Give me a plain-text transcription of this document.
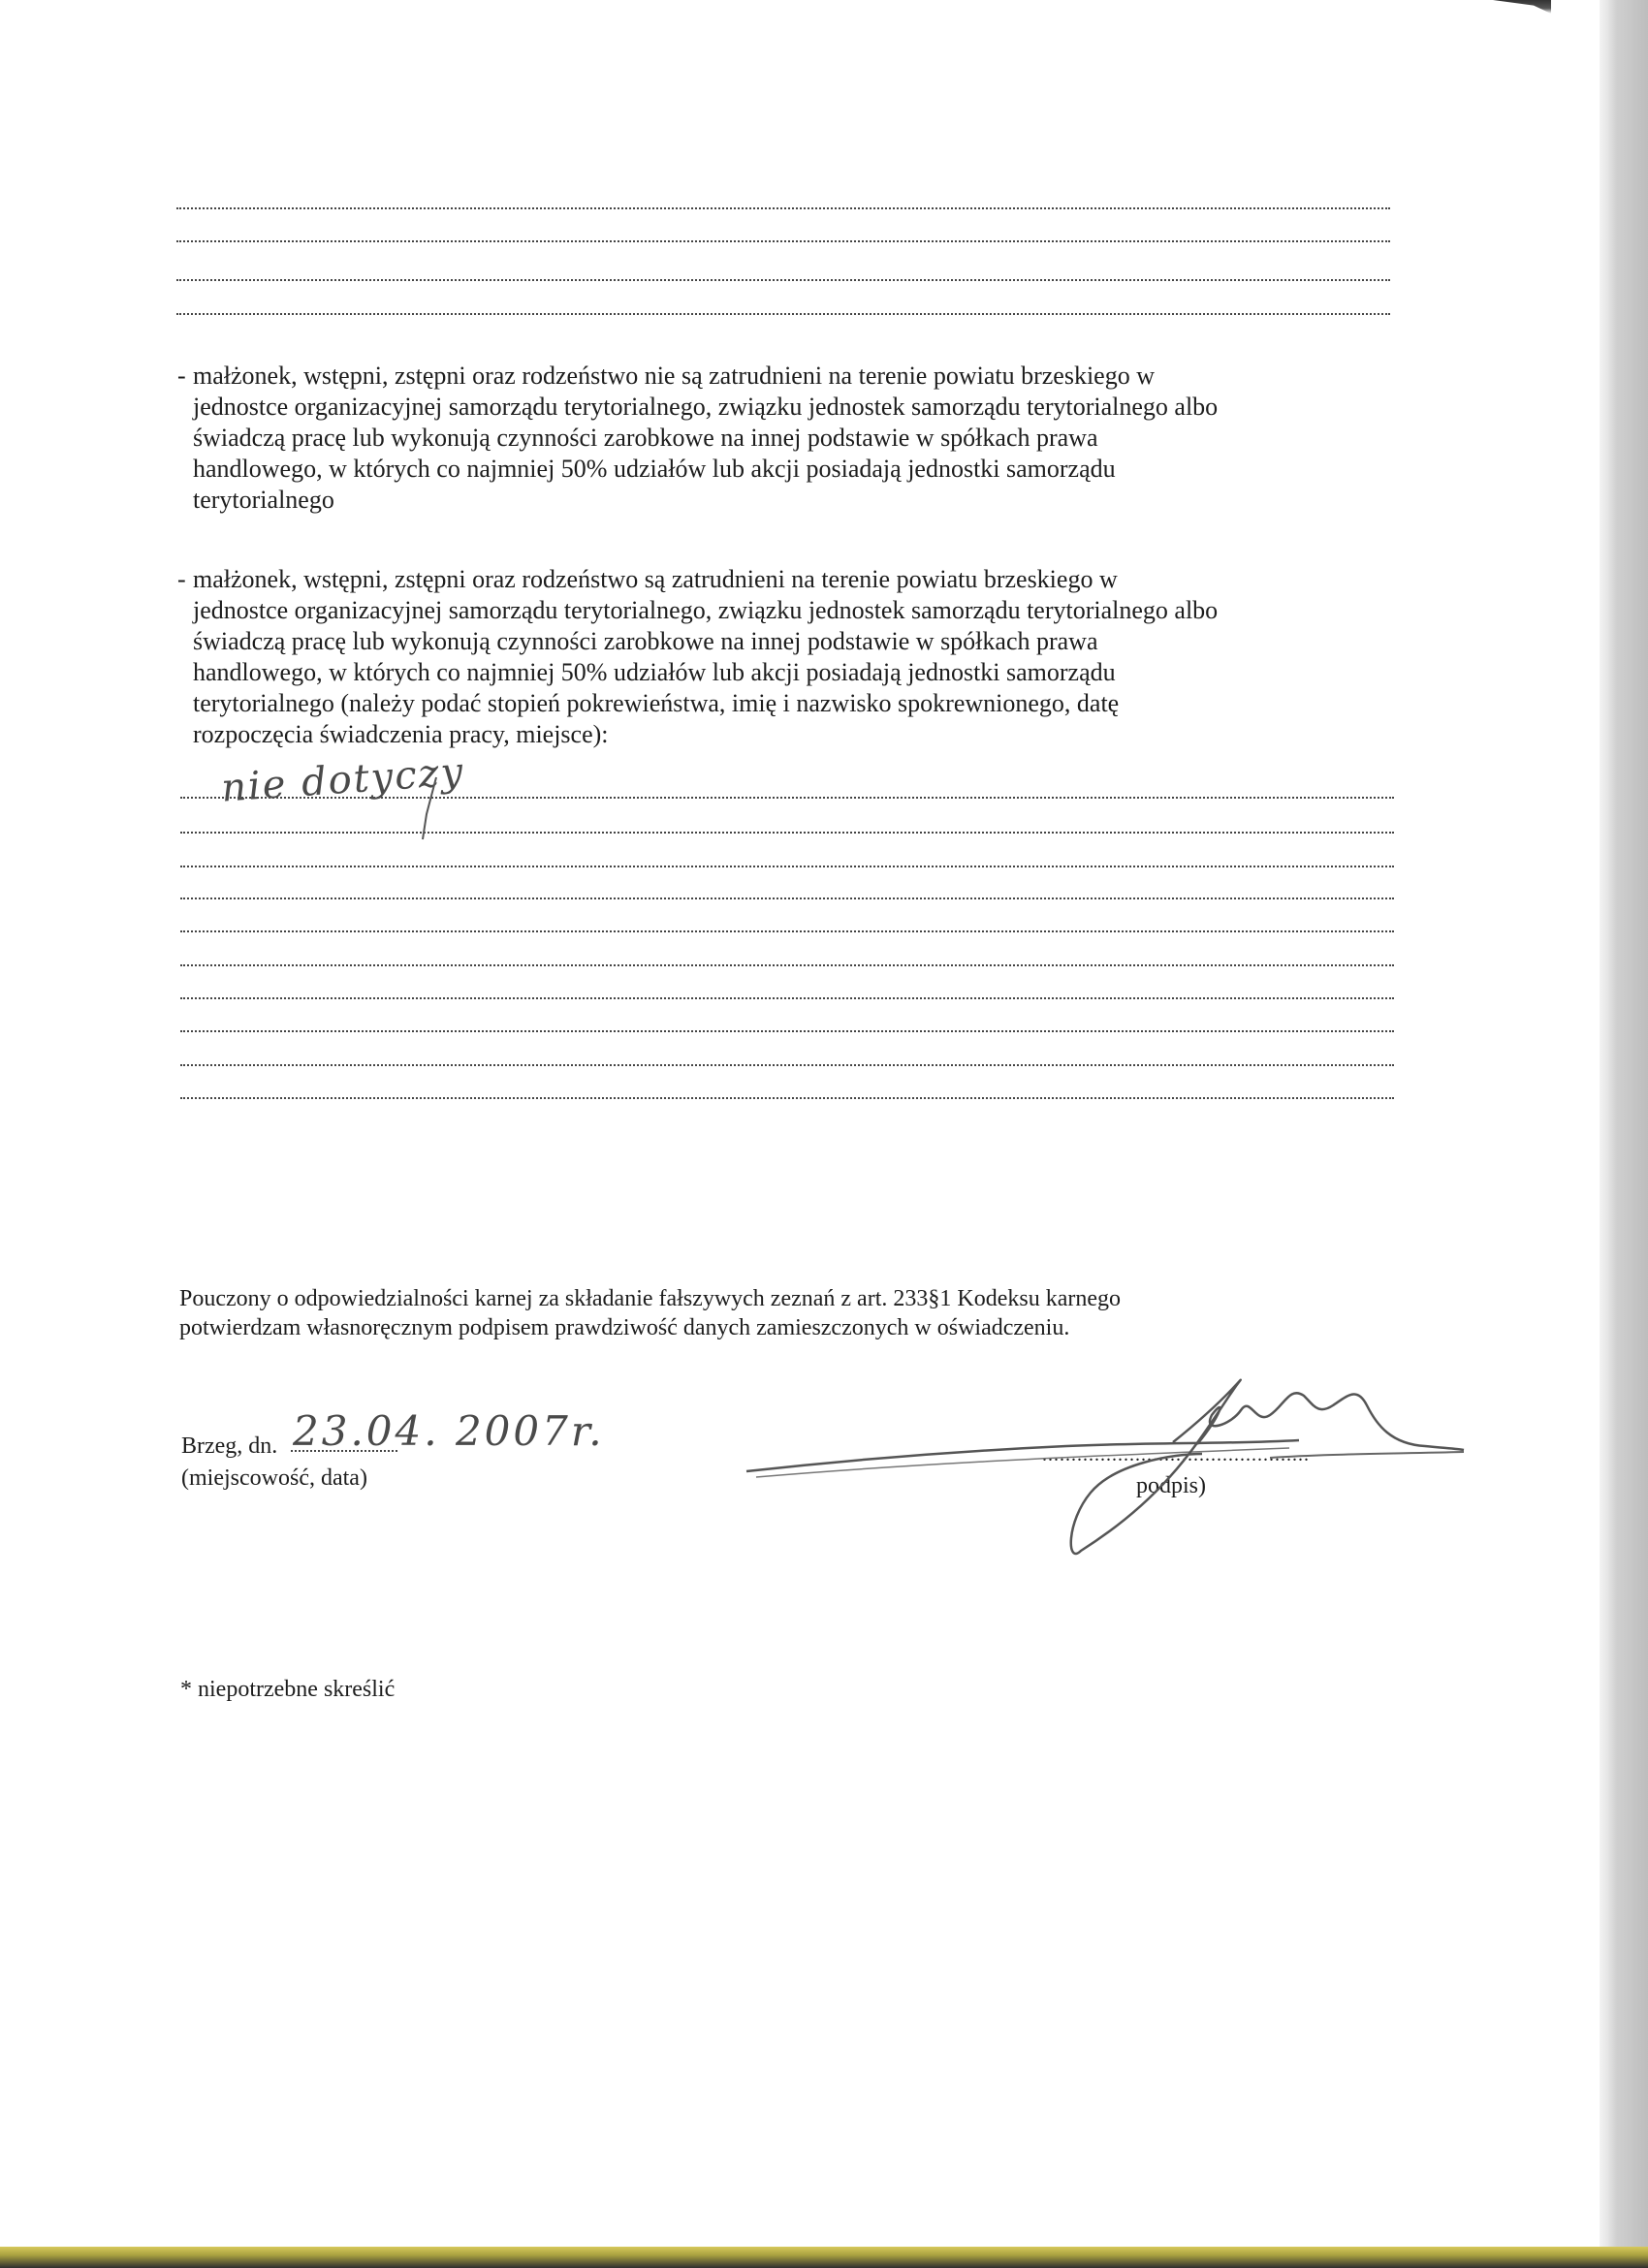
- małżonek, wstępni, zstępni oraz rodzeństwo nie są zatrudnieni na terenie powiatu brzeskiego w
jednostce organizacyjnej samorządu terytorialnego, związku jednostek samorządu terytorialnego albo
świadczą pracę lub wykonują czynności zarobkowe na innej podstawie w spółkach prawa
handlowego, w których co najmniej 50% udziałów lub akcji posiadają jednostki samorządu
terytorialnego
- małżonek, wstępni, zstępni oraz rodzeństwo są zatrudnieni na terenie powiatu brzeskiego w
jednostce organizacyjnej samorządu terytorialnego, związku jednostek samorządu terytorialnego albo
świadczą pracę lub wykonują czynności zarobkowe na innej podstawie w spółkach prawa
handlowego, w których co najmniej 50% udziałów lub akcji posiadają jednostki samorządu
terytorialnego (należy podać stopień pokrewieństwa, imię i nazwisko spokrewnionego, datę
rozpoczęcia świadczenia pracy, miejsce):
nie dotyczy
Pouczony o odpowiedzialności karnej za składanie fałszywych zeznań z art. 233§1 Kodeksu karnego
potwierdzam własnoręcznym podpisem prawdziwość danych zamieszczonych w oświadczeniu.
Brzeg, dn. 23.04. 2007r.
(miejscowość, data)
..............................................
podpis)
* niepotrzebne skreślić
